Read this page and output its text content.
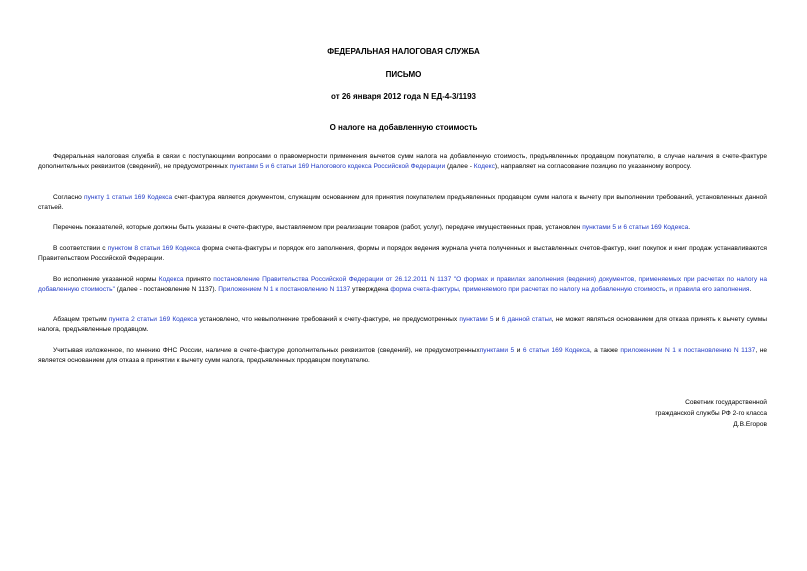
ФЕДЕРАЛЬНАЯ НАЛОГОВАЯ СЛУЖБА

ПИСЬМО

от 26 января 2012 года N ЕД-4-3/1193

О налоге на добавленную стоимость

Федеральная налоговая служба в связи с поступающими вопросами о правомерности применения вычетов сумм налога на добавленную стоимость, предъявленных продавцом покупателю, в случае наличия в счете-фактуре дополнительных реквизитов (сведений), не предусмотренных пунктами 5 и 6 статьи 169 Налогового кодекса Российской Федерации (далее - Кодекс), направляет на согласование позицию по указанному вопросу.

Согласно пункту 1 статьи 169 Кодекса счет-фактура является документом, служащим основанием для принятия покупателем предъявленных продавцом сумм налога к вычету при выполнении требований, установленных данной статьей.

Перечень показателей, которые должны быть указаны в счете-фактуре, выставляемом при реализации товаров (работ, услуг), передаче имущественных прав, установлен пунктами 5 и 6 статьи 169 Кодекса.

В соответствии с пунктом 8 статьи 169 Кодекса форма счета-фактуры и порядок его заполнения, формы и порядок ведения журнала учета полученных и выставленных счетов-фактур, книг покупок и книг продаж устанавливаются Правительством Российской Федерации.

Во исполнение указанной нормы Кодекса принято постановление Правительства Российской Федерации от 26.12.2011 N 1137 "О формах и правилах заполнения (ведения) документов, применяемых при расчетах по налогу на добавленную стоимость" (далее - постановление N 1137). Приложением N 1 к постановлению N 1137 утверждена форма счета-фактуры, применяемого при расчетах по налогу на добавленную стоимость, и правила его заполнения.

Абзацем третьим пункта 2 статьи 169 Кодекса установлено, что невыполнение требований к счету-фактуре, не предусмотренных пунктами 5 и 6 данной статьи, не может являться основанием для отказа принять к вычету суммы налога, предъявленные продавцом.

Учитывая изложенное, по мнению ФНС России, наличие в счете-фактуре дополнительных реквизитов (сведений), не предусмотренныхпунктами 5 и 6 статьи 169 Кодекса, а также приложением N 1 к постановлению N 1137, не является основанием для отказа в принятии к вычету сумм налога, предъявленных продавцом покупателю.

Советник государственной
гражданской службы РФ 2-го класса
Д.В.Егоров
